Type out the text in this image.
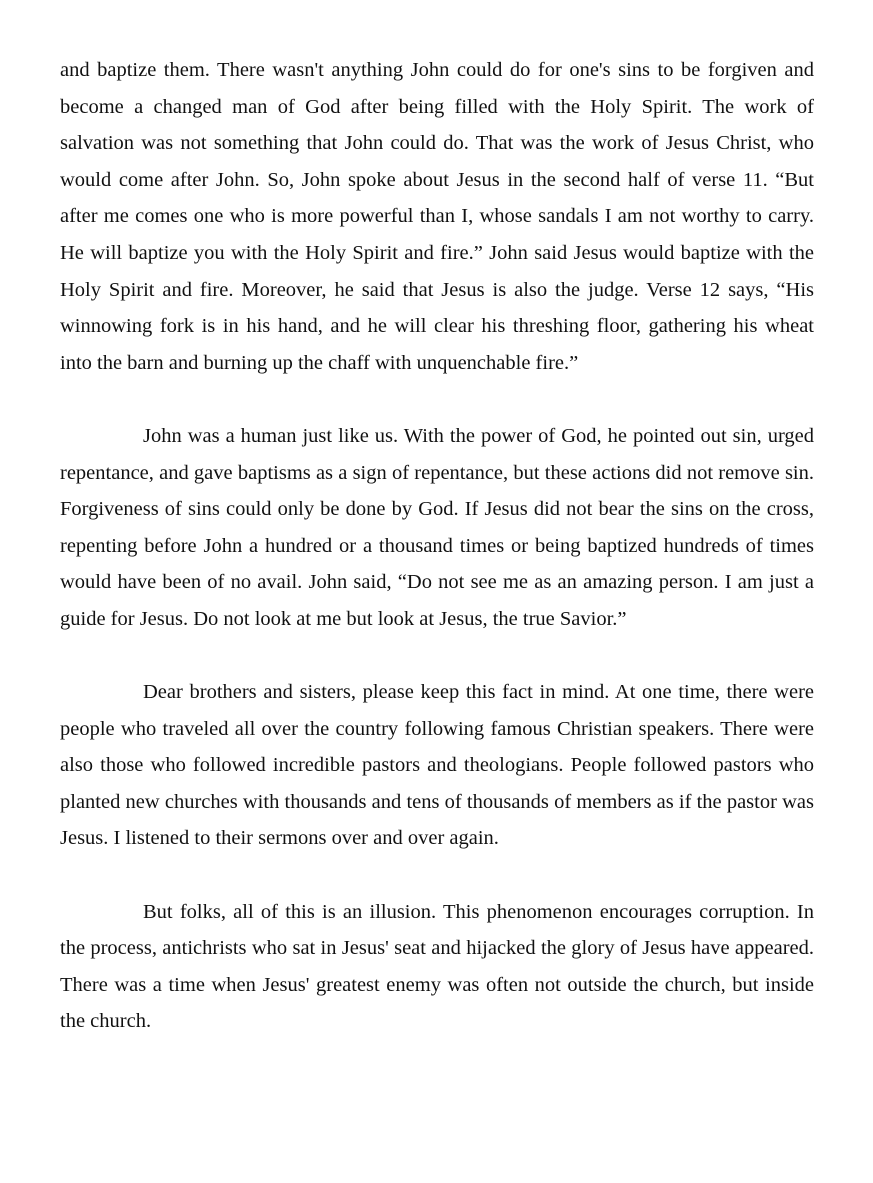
and baptize them. There wasn't anything John could do for one's sins to be forgiven and become a changed man of God after being filled with the Holy Spirit. The work of salvation was not something that John could do. That was the work of Jesus Christ, who would come after John. So, John spoke about Jesus in the second half of verse 11. “But after me comes one who is more powerful than I, whose sandals I am not worthy to carry. He will baptize you with the Holy Spirit and fire.” John said Jesus would baptize with the Holy Spirit and fire. Moreover, he said that Jesus is also the judge. Verse 12 says, “His winnowing fork is in his hand, and he will clear his threshing floor, gathering his wheat into the barn and burning up the chaff with unquenchable fire.”

John was a human just like us. With the power of God, he pointed out sin, urged repentance, and gave baptisms as a sign of repentance, but these actions did not remove sin. Forgiveness of sins could only be done by God. If Jesus did not bear the sins on the cross, repenting before John a hundred or a thousand times or being baptized hundreds of times would have been of no avail. John said, “Do not see me as an amazing person. I am just a guide for Jesus. Do not look at me but look at Jesus, the true Savior.”

Dear brothers and sisters, please keep this fact in mind. At one time, there were people who traveled all over the country following famous Christian speakers. There were also those who followed incredible pastors and theologians. People followed pastors who planted new churches with thousands and tens of thousands of members as if the pastor was Jesus. I listened to their sermons over and over again.

But folks, all of this is an illusion. This phenomenon encourages corruption. In the process, antichrists who sat in Jesus' seat and hijacked the glory of Jesus have appeared. There was a time when Jesus' greatest enemy was often not outside the church, but inside the church.
